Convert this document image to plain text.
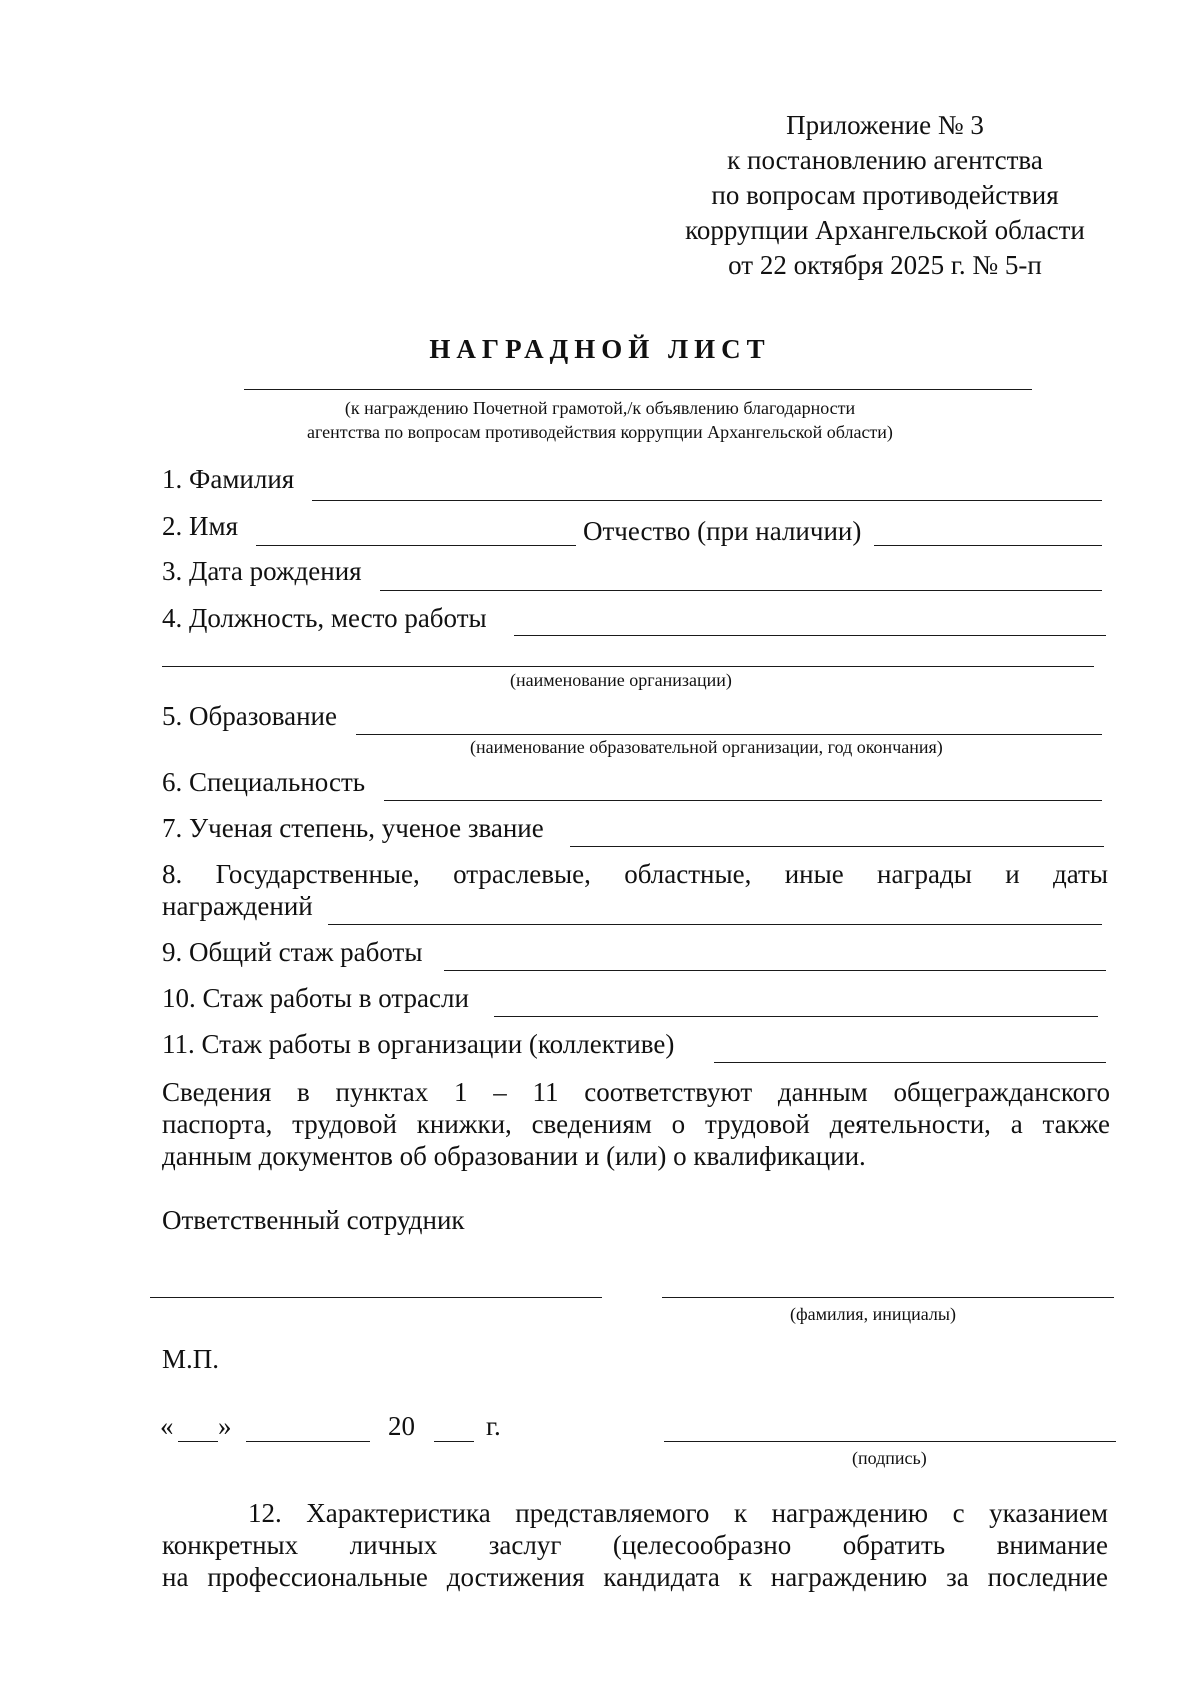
Приложение № 3
к постановлению агентства
по вопросам противодействия
коррупции Архангельской области
от 22 октября 2025 г. № 5-п
НАГРАДНОЙ ЛИСТ
(к награждению Почетной грамотой,/к объявлению благодарности
агентства по вопросам противодействия коррупции Архангельской области)
1. Фамилия
2. Имя	Отчество (при наличии)
3. Дата рождения
4. Должность, место работы
(наименование организации)
5. Образование
(наименование образовательной организации, год окончания)
6. Специальность
7. Ученая степень, ученое звание
8. Государственные, отраслевые, областные, иные награды и даты
награждений
9. Общий стаж работы
10. Стаж работы в отрасли
11. Стаж работы в организации (коллективе)
Сведения в пунктах 1 – 11 соответствуют данным общегражданского
паспорта, трудовой книжки, сведениям о трудовой деятельности, а также
данным документов об образовании и (или) о квалификации.
Ответственный сотрудник
(фамилия, инициалы)
М.П.
« »	20	г.
(подпись)
12. Характеристика представляемого к награждению с указанием
конкретных личных заслуг (целесообразно обратить внимание
на профессиональные достижения кандидата к награждению за последние
